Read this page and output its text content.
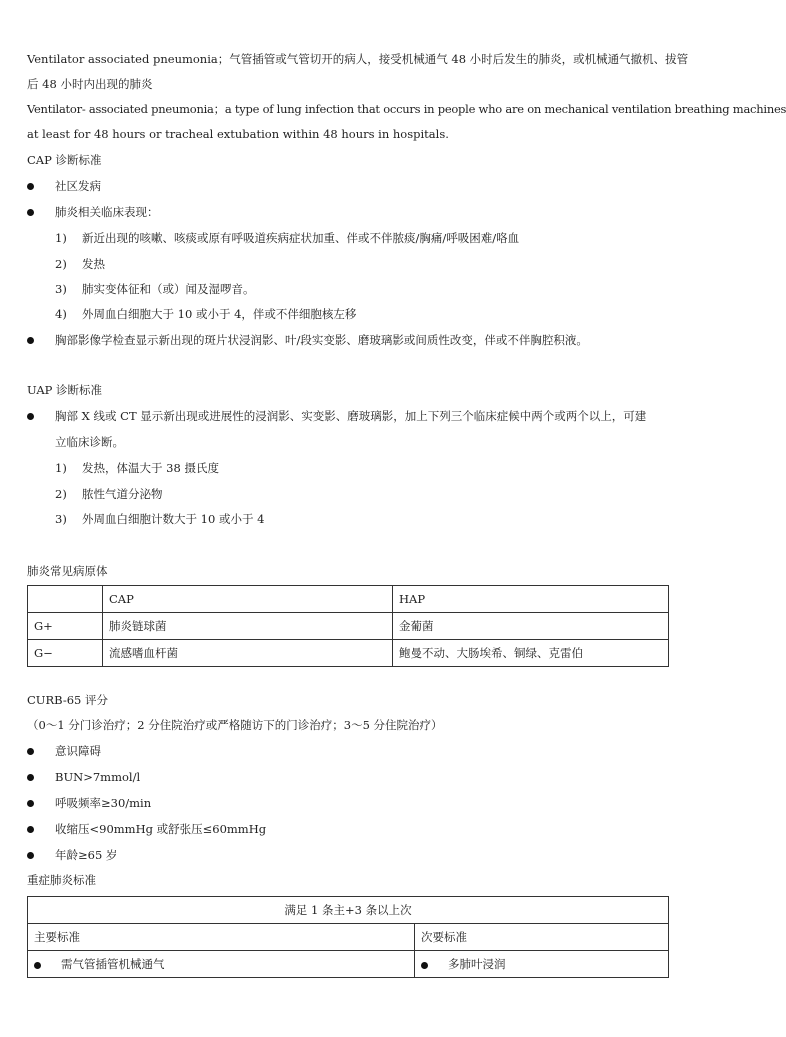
Ventilator associated pneumonia；气管插管或气管切开的病人，接受机械通气 48 小时后发生的肺炎，或机械通气撤机、拔管
后 48 小时内出现的肺炎
Ventilator- associated pneumonia；a type of lung infection that occurs in people who are on mechanical ventilation breathing machines
at least for 48 hours or tracheal extubation within 48 hours in hospitals.
CAP 诊断标准
社区发病
肺炎相关临床表现：
1) 新近出现的咳嗽、咳痰或原有呼吸道疾病症状加重、伴或不伴脓痰/胸痛/呼吸困难/咯血
2) 发热
3) 肺实变体征和（或）闻及湿啰音。
4) 外周血白细胞大于 10 或小于 4，伴或不伴细胞核左移
胸部影像学检查显示新出现的斑片状浸润影、叶/段实变影、磨玻璃影或间质性改变，伴或不伴胸腔积液。
UAP 诊断标准
胸部 X 线或 CT 显示新出现或进展性的浸润影、实变影、磨玻璃影，加上下列三个临床症候中两个或两个以上，可建
立临床诊断。
1) 发热，体温大于 38 摄氏度
2) 脓性气道分泌物
3) 外周血白细胞计数大于 10 或小于 4
肺炎常见病原体
	CAP	HAP
G+	肺炎链球菌	金葡菌
G−	流感嗜血杆菌	鲍曼不动、大肠埃希、铜绿、克雷伯
CURB-65 评分
（0～1 分门诊治疗；2 分住院治疗或严格随访下的门诊治疗；3～5 分住院治疗）
意识障碍
BUN>7mmol/l
呼吸频率≥30/min
收缩压<90mmHg 或舒张压≤60mmHg
年龄≥65 岁
重症肺炎标准
满足 1 条主+3 条以上次	
主要标准	次要标准
需气管插管机械通气	多肺叶浸润
